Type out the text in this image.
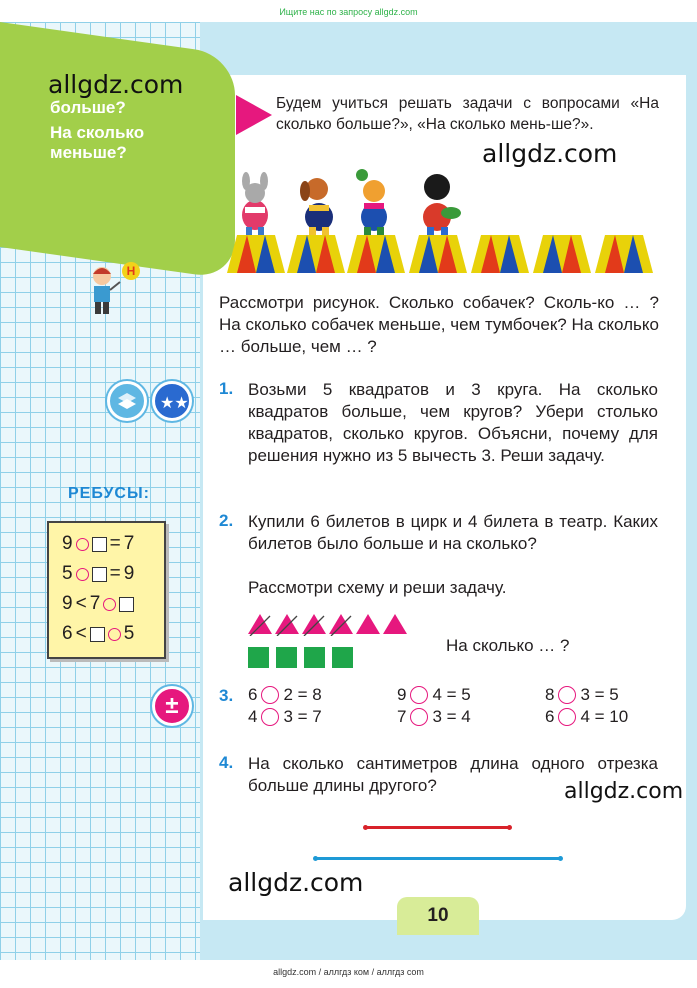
Ищите нас по запросу allgdz.com
больше?
На сколько
меньше?
allgdz.com
Будем учиться решать задачи с вопросами «На сколько больше?», «На сколько мень-ше?».
allgdz.com
Рассмотри рисунок. Сколько собачек? Сколь-ко … ? На сколько собачек меньше, чем тумбочек? На сколько … больше, чем … ?
Н
★★
РЕБУСЫ:
9 = 7
5 = 9
9 < 7
6 < 5
1. Возьми 5 квадратов и 3 круга. На сколько квадратов больше, чем кругов? Убери столько квадратов, сколько кругов. Объясни, почему для решения нужно из 5 вычесть 3. Реши задачу.
2. Купили 6 билетов в цирк и 4 билета в театр. Каких билетов было больше и на сколько?
Рассмотри схему и реши задачу.
На сколько … ?
±	3. 6 2 = 8	9 4 = 5	8 3 = 5
4 3 = 7	7 3 = 4	6 4 = 10
4. На сколько сантиметров длина одного отрезка больше длины другого?	allgdz.com
allgdz.com
10
allgdz.com / аллгдз ком / аллгдз com
